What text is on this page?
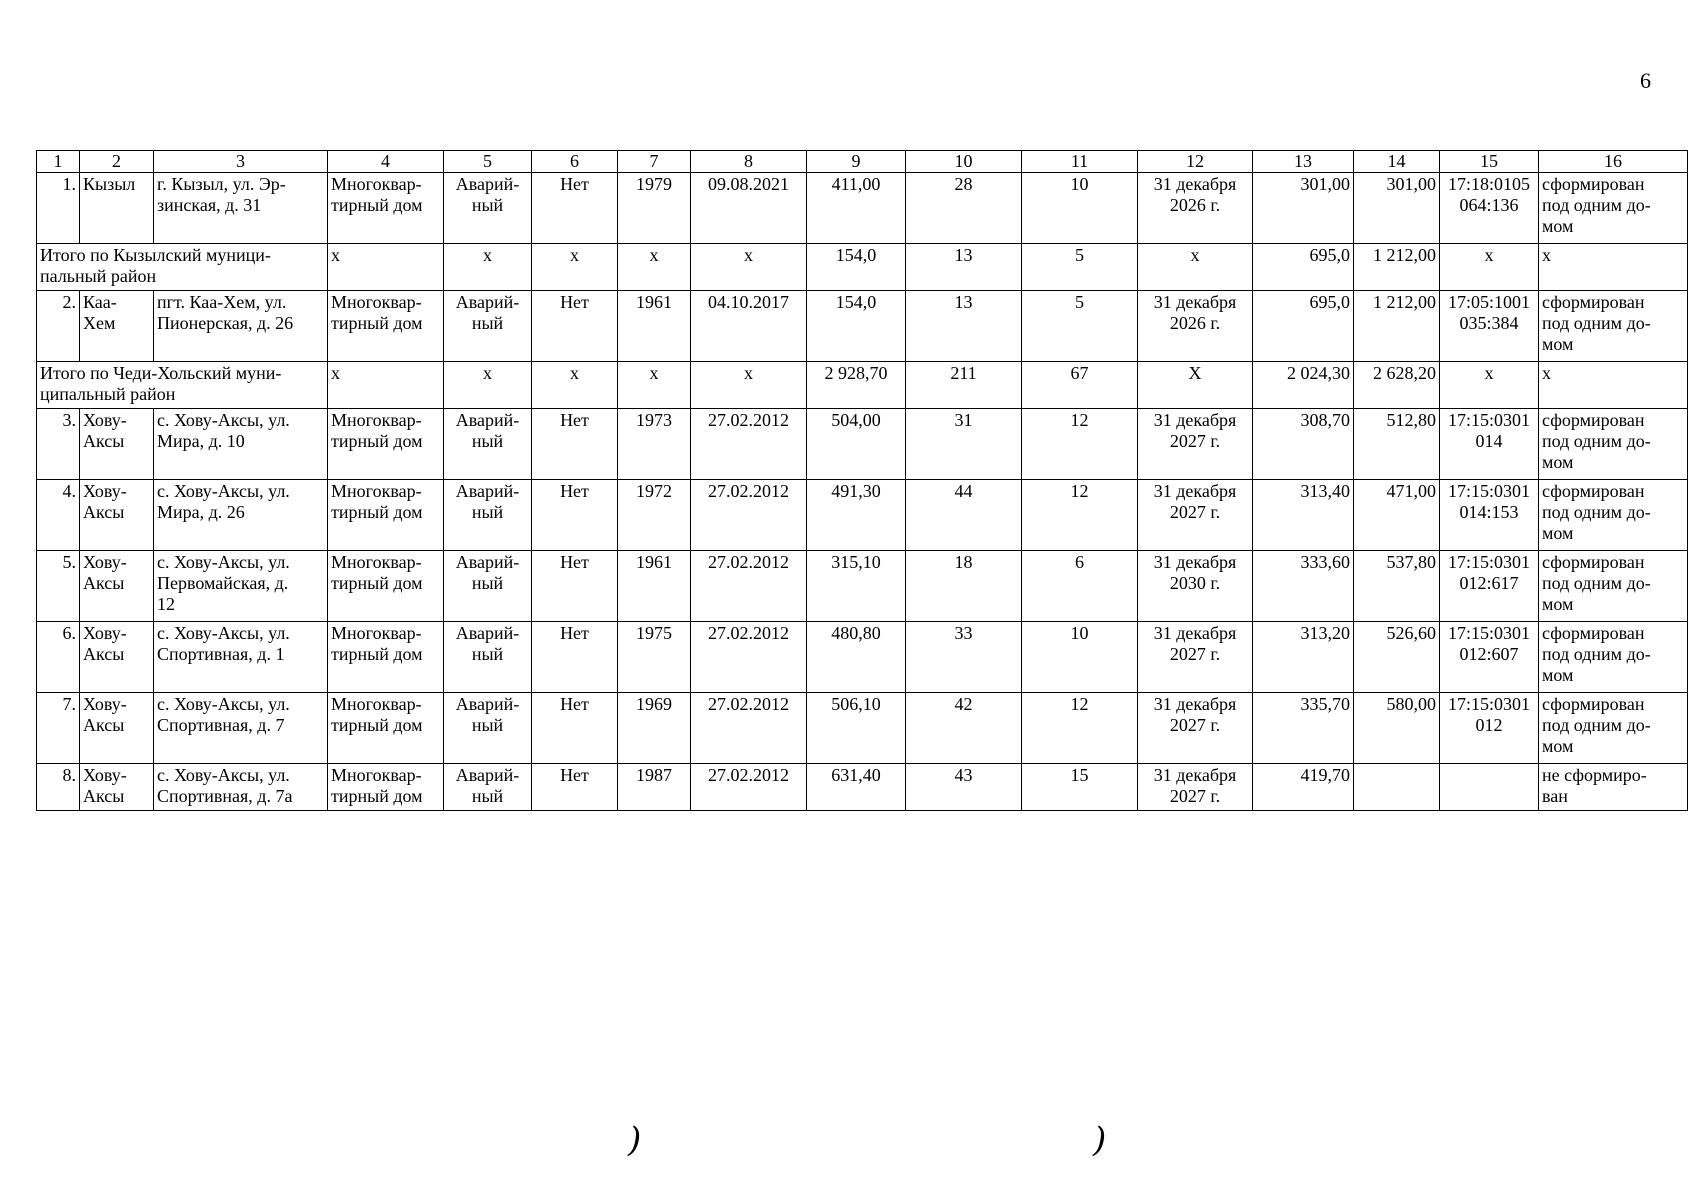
6
1	2	3	4	5	6	7	8	9	10	11	12	13	14	15	16
1.	Кызыл	г. Кызыл, ул. Эр-
зинская, д. 31	Многоквар-
тирный дом	Аварий-
ный	Нет	1979	09.08.2021	411,00	28	10	31 декабря
2026 г.	301,00	301,00	17:18:0105
064:136	сформирован
под одним до-
мом
Итого по Кызылский муници-
пальный район			х	х	х	х	х	154,0	13	5	х	695,0	1 212,00	х	х
2.	Каа-
Хем	пгт. Каа-Хем, ул.
Пионерская, д. 26	Многоквар-
тирный дом	Аварий-
ный	Нет	1961	04.10.2017	154,0	13	5	31 декабря
2026 г.	695,0	1 212,00	17:05:1001
035:384	сформирован
под одним до-
мом
Итого по Чеди-Хольский муни-
ципальный район			х	х	х	х	х	2 928,70	211	67	Х	2 024,30	2 628,20	х	х
3.	Хову-
Аксы	с. Хову-Аксы, ул.
Мира, д. 10	Многоквар-
тирный дом	Аварий-
ный	Нет	1973	27.02.2012	504,00	31	12	31 декабря
2027 г.	308,70	512,80	17:15:0301
014	сформирован
под одним до-
мом
4.	Хову-
Аксы	с. Хову-Аксы, ул.
Мира, д. 26	Многоквар-
тирный дом	Аварий-
ный	Нет	1972	27.02.2012	491,30	44	12	31 декабря
2027 г.	313,40	471,00	17:15:0301
014:153	сформирован
под одним до-
мом
5.	Хову-
Аксы	с. Хову-Аксы, ул.
Первомайская, д.
12	Многоквар-
тирный дом	Аварий-
ный	Нет	1961	27.02.2012	315,10	18	6	31 декабря
2030 г.	333,60	537,80	17:15:0301
012:617	сформирован
под одним до-
мом
6.	Хову-
Аксы	с. Хову-Аксы, ул.
Спортивная, д. 1	Многоквар-
тирный дом	Аварий-
ный	Нет	1975	27.02.2012	480,80	33	10	31 декабря
2027 г.	313,20	526,60	17:15:0301
012:607	сформирован
под одним до-
мом
7.	Хову-
Аксы	с. Хову-Аксы, ул.
Спортивная, д. 7	Многоквар-
тирный дом	Аварий-
ный	Нет	1969	27.02.2012	506,10	42	12	31 декабря
2027 г.	335,70	580,00	17:15:0301
012	сформирован
под одним до-
мом
8.	Хову-
Аксы	с. Хову-Аксы, ул.
Спортивная, д. 7а	Многоквар-
тирный дом	Аварий-
ный	Нет	1987	27.02.2012	631,40	43	15	31 декабря
2027 г.	419,70			не сформиро-
ван
)	)
